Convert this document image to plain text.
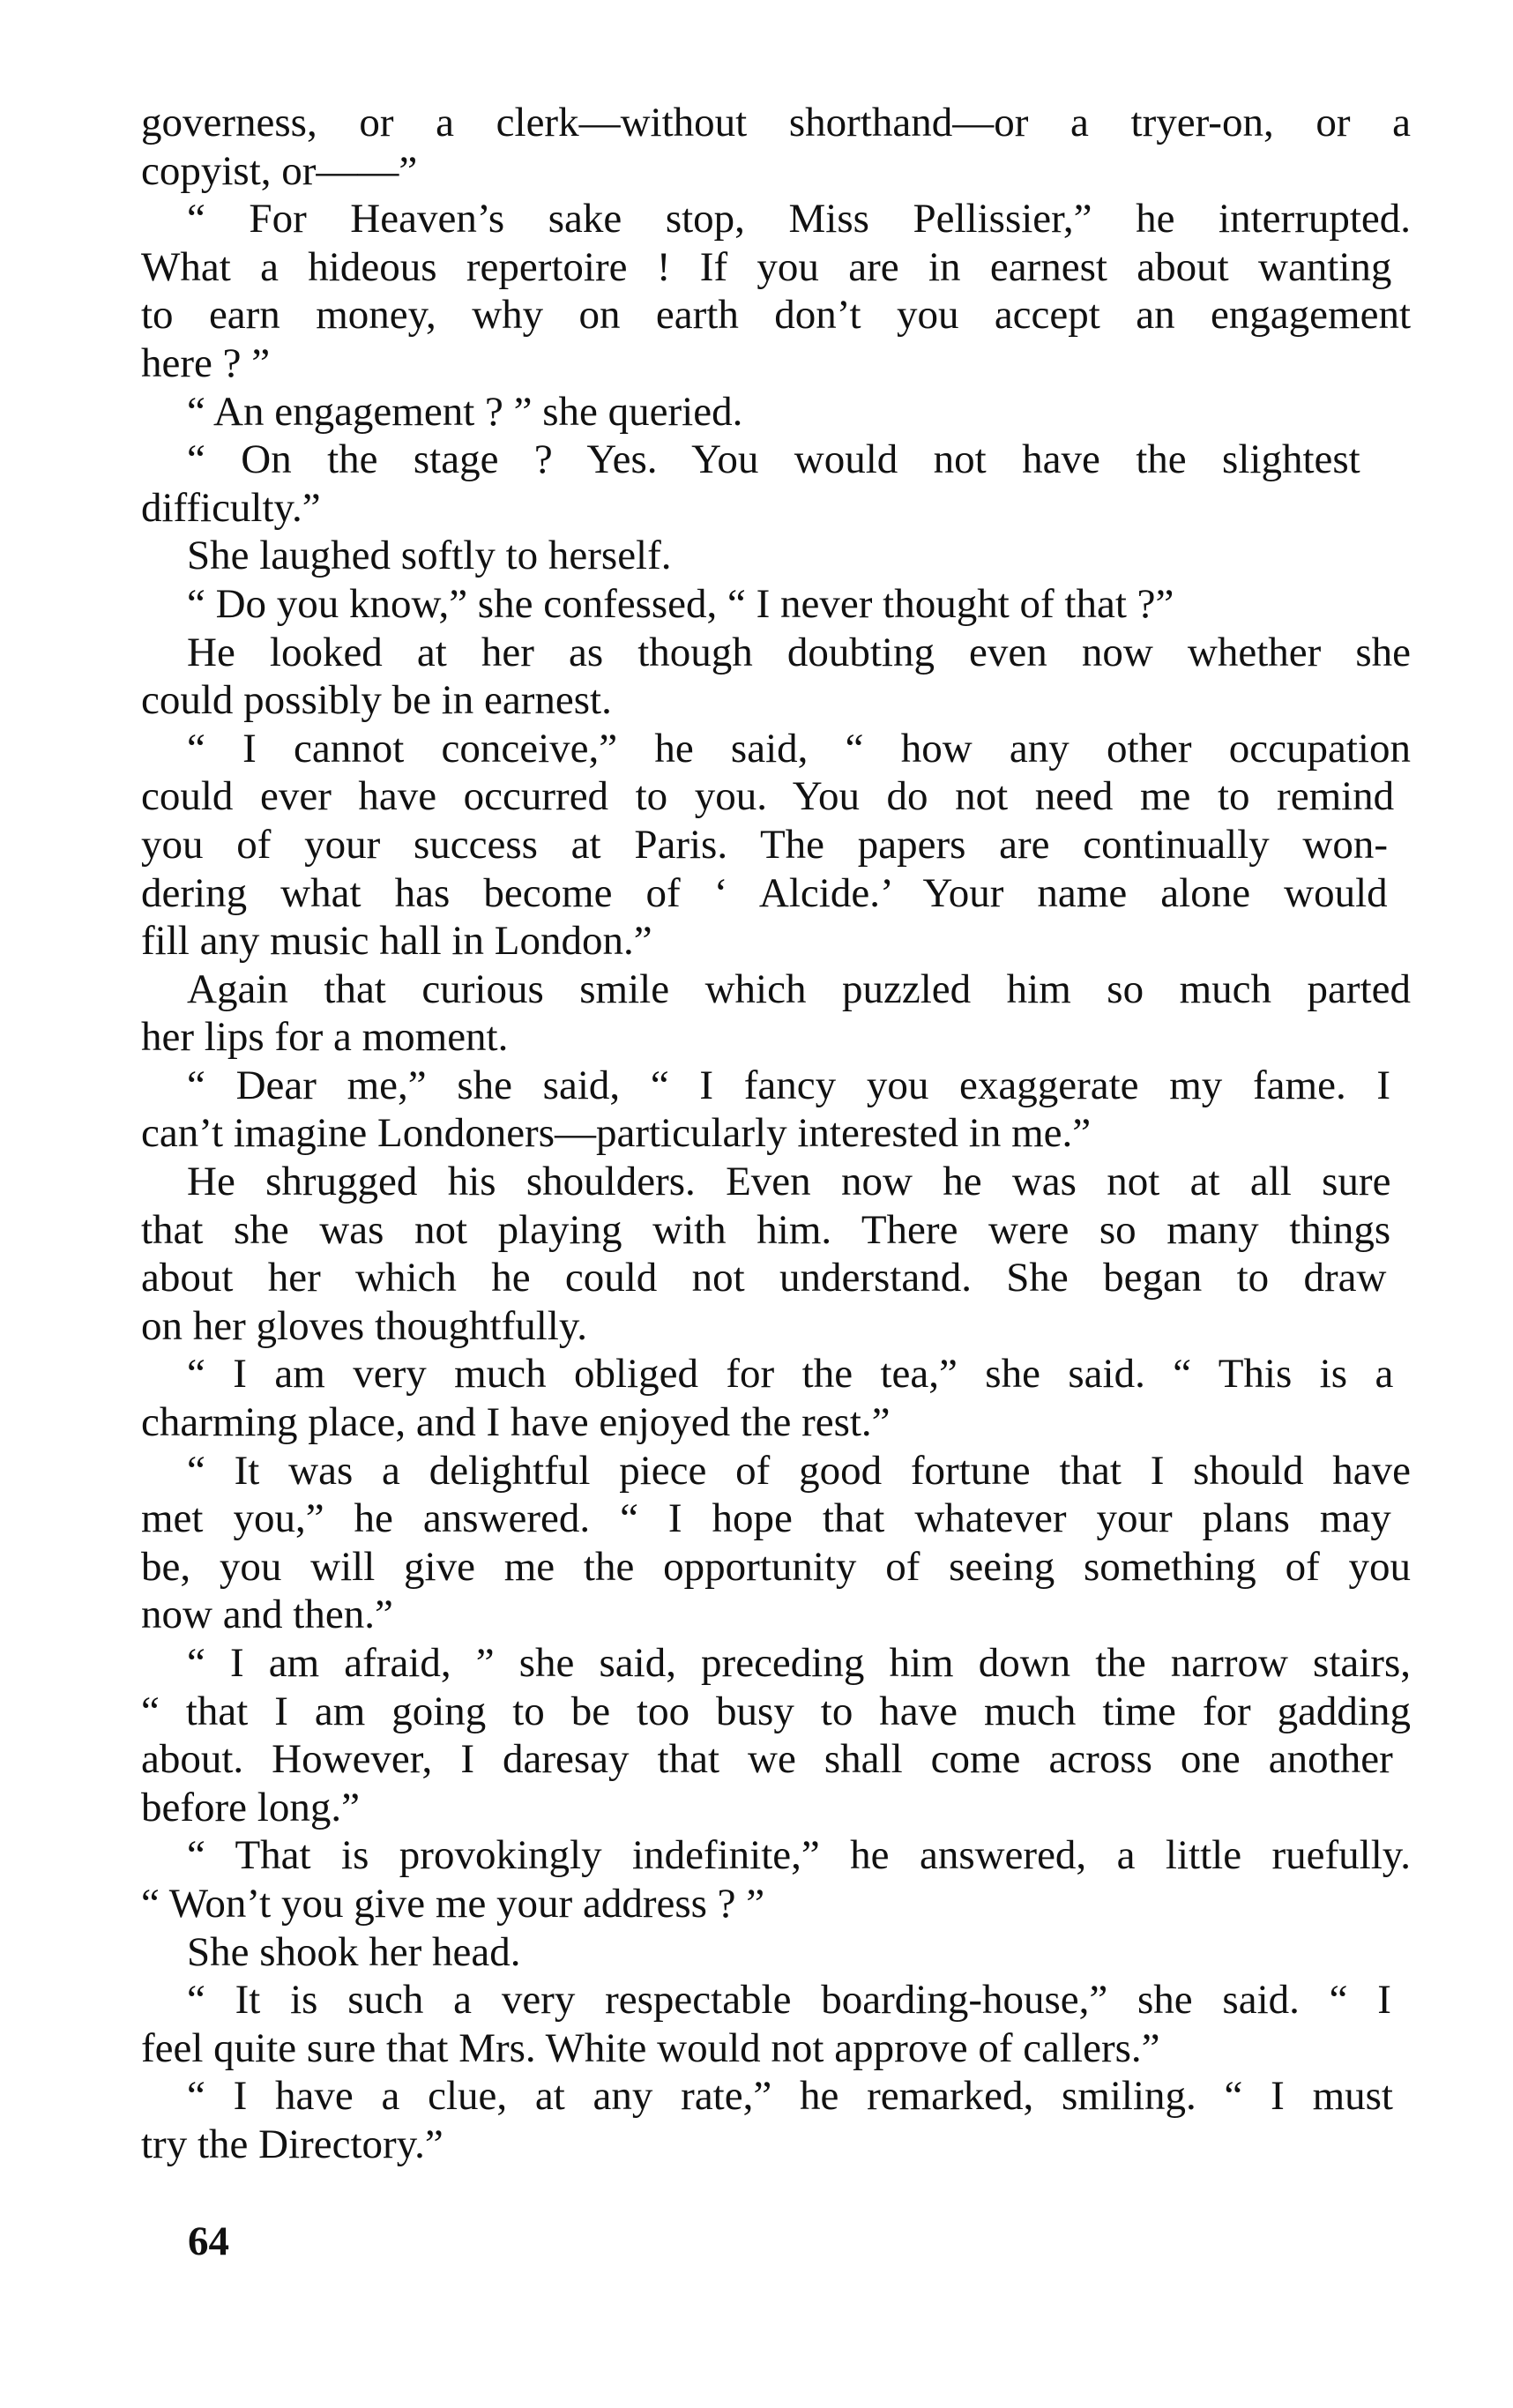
governess, or a clerk—without shorthand—or a tryer-on, or a
copyist, or——”
“ For Heaven’s sake stop, Miss Pellissier,” he interrupted.
What a hideous repertoire ! If you are in earnest about wanting
to earn money, why on earth don’t you accept an engagement
here ? ”
“ An engagement ? ” she queried.
“ On the stage ? Yes. You would not have the slightest
difficulty.”
She laughed softly to herself.
“ Do you know,” she confessed, “ I never thought of that ?”
He looked at her as though doubting even now whether she
could possibly be in earnest.
“ I cannot conceive,” he said, “ how any other occupation
could ever have occurred to you. You do not need me to remind
you of your success at Paris. The papers are continually won-
dering what has become of ‘ Alcide.’ Your name alone would
fill any music hall in London.”
Again that curious smile which puzzled him so much parted
her lips for a moment.
“ Dear me,” she said, “ I fancy you exaggerate my fame. I
can’t imagine Londoners—particularly interested in me.”
He shrugged his shoulders. Even now he was not at all sure
that she was not playing with him. There were so many things
about her which he could not understand. She began to draw
on her gloves thoughtfully.
“ I am very much obliged for the tea,” she said. “ This is a
charming place, and I have enjoyed the rest.”
“ It was a delightful piece of good fortune that I should have
met you,” he answered. “ I hope that whatever your plans may
be, you will give me the opportunity of seeing something of you
now and then.”
“ I am afraid, ” she said, preceding him down the narrow stairs,
“ that I am going to be too busy to have much time for gadding
about. However, I daresay that we shall come across one another
before long.”
“ That is provokingly indefinite,” he answered, a little ruefully.
“ Won’t you give me your address ? ”
She shook her head.
“ It is such a very respectable boarding-house,” she said. “ I
feel quite sure that Mrs. White would not approve of callers.”
“ I have a clue, at any rate,” he remarked, smiling. “ I must
try the Directory.”
64
